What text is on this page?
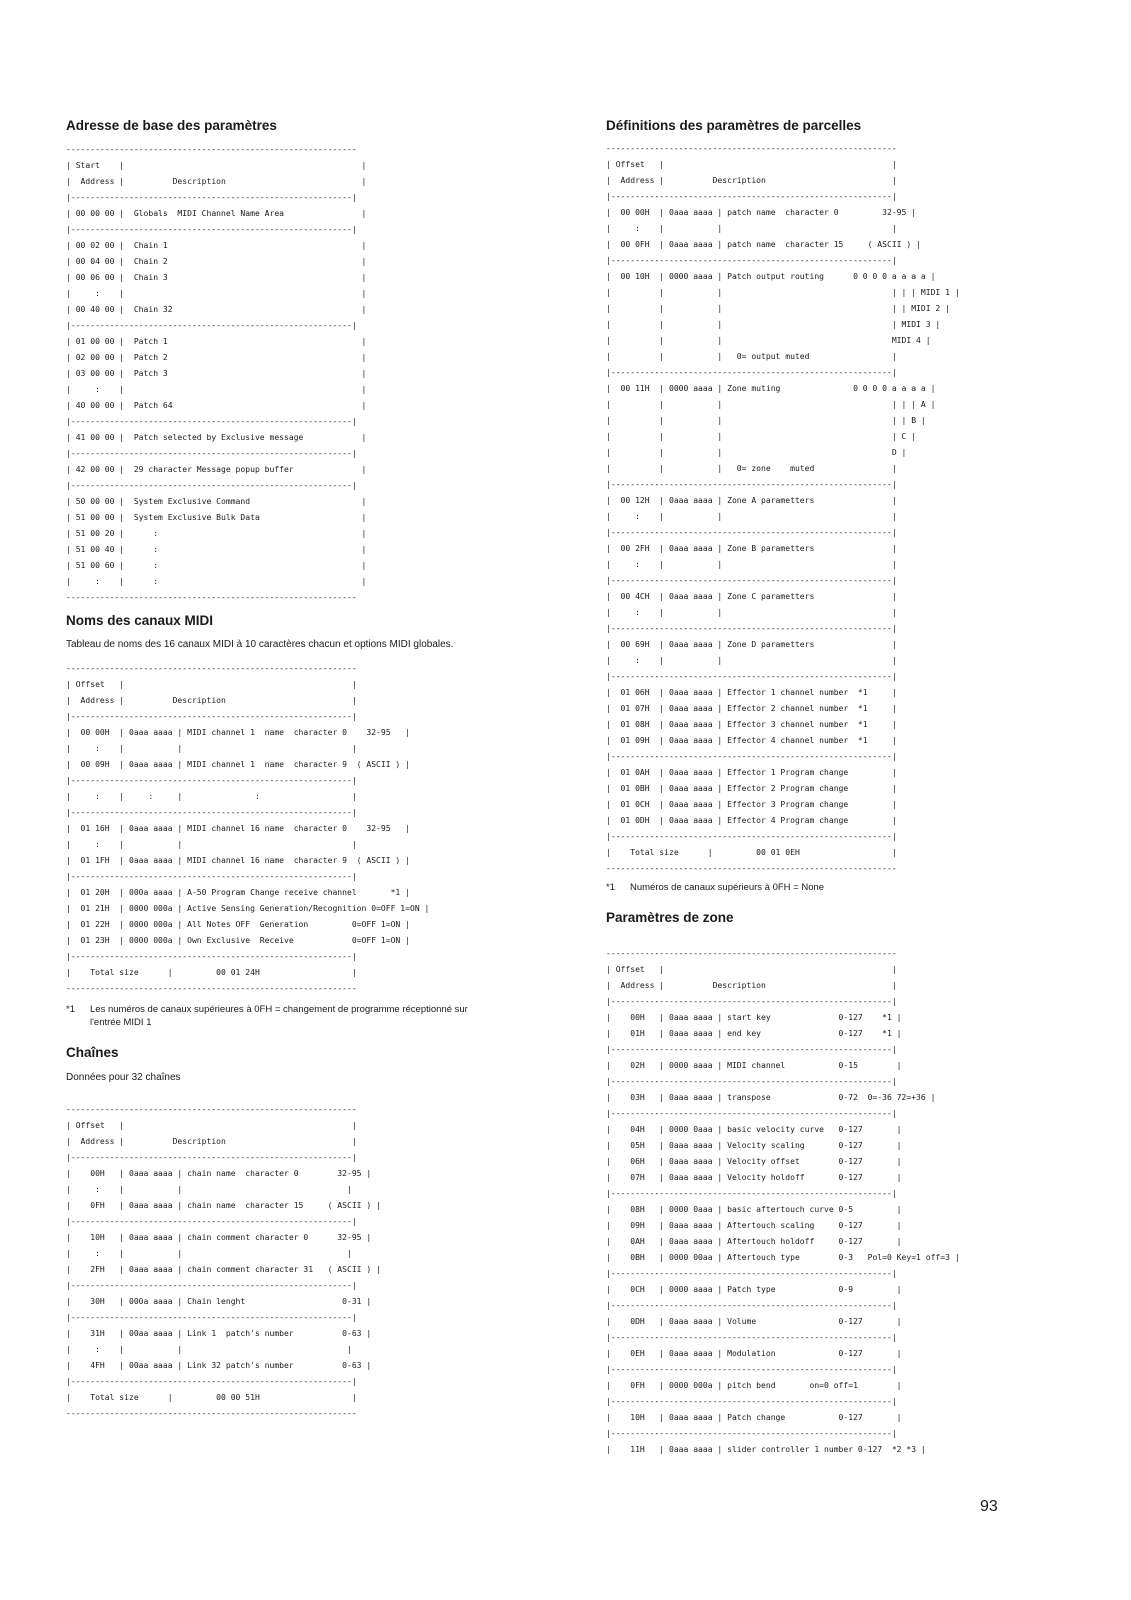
Adresse de base des paramètres
------------------------------------------------------------
| Start    |                                                 |
|  Address |          Description                            |
|----------------------------------------------------------|
| 00 00 00 |  Globals  MIDI Channel Name Area                |
|----------------------------------------------------------|
| 00 02 00 |  Chain 1                                        |
| 00 04 00 |  Chain 2                                        |
| 00 06 00 |  Chain 3                                        |
|     :    |                                                 |
| 00 40 00 |  Chain 32                                       |
|----------------------------------------------------------|
| 01 00 00 |  Patch 1                                        |
| 02 00 00 |  Patch 2                                        |
| 03 00 00 |  Patch 3                                        |
|     :    |                                                 |
| 40 00 00 |  Patch 64                                       |
|----------------------------------------------------------|
| 41 00 00 |  Patch selected by Exclusive message            |
|----------------------------------------------------------|
| 42 00 00 |  29 character Message popup buffer              |
|----------------------------------------------------------|
| 50 00 00 |  System Exclusive Command                       |
| 51 00 00 |  System Exclusive Bulk Data                     |
| 51 00 20 |      :                                          |
| 51 00 40 |      :                                          |
| 51 00 60 |      :                                          |
|     :    |      :                                          |
------------------------------------------------------------
Noms des canaux MIDI

Tableau de noms des 16 canaux MIDI à 10 caractères chacun et options MIDI globales.

------------------------------------------------------------
| Offset   |                                               |
|  Address |          Description                          |
|----------------------------------------------------------|
|  00 00H  | 0aaa aaaa | MIDI channel 1  name  character 0    32-95   |
|     :    |           |                                   |
|  00 09H  | 0aaa aaaa | MIDI channel 1  name  character 9  ( ASCII ) |
|----------------------------------------------------------|
|     :    |     :     |               :                   |
|----------------------------------------------------------|
|  01 16H  | 0aaa aaaa | MIDI channel 16 name  character 0    32-95   |
|     :    |           |                                   |
|  01 1FH  | 0aaa aaaa | MIDI channel 16 name  character 9  ( ASCII ) |
|----------------------------------------------------------|
|  01 20H  | 000a aaaa | A-50 Program Change receive channel       *1 |
|  01 21H  | 0000 000a | Active Sensing Generation/Recognition 0=OFF 1=ON |
|  01 22H  | 0000 000a | All Notes OFF  Generation         0=OFF 1=ON |
|  01 23H  | 0000 000a | Own Exclusive  Receive            0=OFF 1=ON |
|----------------------------------------------------------|
|    Total size      |         00 01 24H                   |
------------------------------------------------------------
*1 Les numéros de canaux supérieures à 0FH = changement de programme réceptionné sur l'entrée MIDI 1
Chaînes

Données pour 32 chaînes

------------------------------------------------------------
| Offset   |                                               |
|  Address |          Description                          |
|----------------------------------------------------------|
|    00H   | 0aaa aaaa | chain name  character 0        32-95 |
|     :    |           |                                  |
|    0FH   | 0aaa aaaa | chain name  character 15     ( ASCII ) |
|----------------------------------------------------------|
|    10H   | 0aaa aaaa | chain comment character 0      32-95 |
|     :    |           |                                  |
|    2FH   | 0aaa aaaa | chain comment character 31   ( ASCII ) |
|----------------------------------------------------------|
|    30H   | 000a aaaa | Chain lenght                    0-31 |
|----------------------------------------------------------|
|    31H   | 00aa aaaa | Link 1  patch's number          0-63 |
|     :    |           |                                  |
|    4FH   | 00aa aaaa | Link 32 patch's number          0-63 |
|----------------------------------------------------------|
|    Total size      |         00 00 51H                   |
------------------------------------------------------------
Définitions des paramètres de parcelles
------------------------------------------------------------
| Offset   |                                               |
|  Address |          Description                          |
|----------------------------------------------------------|
|  00 00H  | 0aaa aaaa | patch name  character 0         32-95 |
|     :    |           |                                   |
|  00 0FH  | 0aaa aaaa | patch name  character 15     ( ASCII ) |
|----------------------------------------------------------|
|  00 10H  | 0000 aaaa | Patch output routing      0 0 0 0 a a a a |
|          |           |                                   | | | MIDI 1 |
|          |           |                                   | | MIDI 2 |
|          |           |                                   | MIDI 3 |
|          |           |                                   MIDI 4 |
|          |           |   0= output muted                 |
|----------------------------------------------------------|
|  00 11H  | 0000 aaaa | Zone muting               0 0 0 0 a a a a |
|          |           |                                   | | | A |
|          |           |                                   | | B |
|          |           |                                   | C |
|          |           |                                   D |
|          |           |   0= zone    muted                |
|----------------------------------------------------------|
|  00 12H  | 0aaa aaaa | Zone A parametters                |
|     :    |           |                                   |
|----------------------------------------------------------|
|  00 2FH  | 0aaa aaaa | Zone B parametters                |
|     :    |           |                                   |
|----------------------------------------------------------|
|  00 4CH  | 0aaa aaaa | Zone C parametters                |
|     :    |           |                                   |
|----------------------------------------------------------|
|  00 69H  | 0aaa aaaa | Zone D parametters                |
|     :    |           |                                   |
|----------------------------------------------------------|
|  01 06H  | 0aaa aaaa | Effector 1 channel number  *1     |
|  01 07H  | 0aaa aaaa | Effector 2 channel number  *1     |
|  01 08H  | 0aaa aaaa | Effector 3 channel number  *1     |
|  01 09H  | 0aaa aaaa | Effector 4 channel number  *1     |
|----------------------------------------------------------|
|  01 0AH  | 0aaa aaaa | Effector 1 Program change         |
|  01 0BH  | 0aaa aaaa | Effector 2 Program change         |
|  01 0CH  | 0aaa aaaa | Effector 3 Program change         |
|  01 0DH  | 0aaa aaaa | Effector 4 Program change         |
|----------------------------------------------------------|
|    Total size      |         00 01 0EH                   |
------------------------------------------------------------
*1 Numéros de canaux supérieurs à 0FH = None
Paramètres de zone
------------------------------------------------------------
| Offset   |                                               |
|  Address |          Description                          |
|----------------------------------------------------------|
|    00H   | 0aaa aaaa | start key              0-127    *1 |
|    01H   | 0aaa aaaa | end key                0-127    *1 |
|----------------------------------------------------------|
|    02H   | 0000 aaaa | MIDI channel           0-15        |
|----------------------------------------------------------|
|    03H   | 0aaa aaaa | transpose              0-72  0=-36 72=+36 |
|----------------------------------------------------------|
|    04H   | 0000 0aaa | basic velocity curve   0-127       |
|    05H   | 0aaa aaaa | Velocity scaling       0-127       |
|    06H   | 0aaa aaaa | Velocity offset        0-127       |
|    07H   | 0aaa aaaa | Velocity holdoff       0-127       |
|----------------------------------------------------------|
|    08H   | 0000 0aaa | basic aftertouch curve 0-5         |
|    09H   | 0aaa aaaa | Aftertouch scaling     0-127       |
|    0AH   | 0aaa aaaa | Aftertouch holdoff     0-127       |
|    0BH   | 0000 00aa | Aftertouch type        0-3   Pol=0 Key=1 off=3 |
|----------------------------------------------------------|
|    0CH   | 0000 aaaa | Patch type             0-9         |
|----------------------------------------------------------|
|    0DH   | 0aaa aaaa | Volume                 0-127       |
|----------------------------------------------------------|
|    0EH   | 0aaa aaaa | Modulation             0-127       |
|----------------------------------------------------------|
|    0FH   | 0000 000a | pitch bend       on=0 off=1        |
|----------------------------------------------------------|
|    10H   | 0aaa aaaa | Patch change           0-127       |
|----------------------------------------------------------|
|    11H   | 0aaa aaaa | slider controller 1 number 0-127  *2 *3 |
93
